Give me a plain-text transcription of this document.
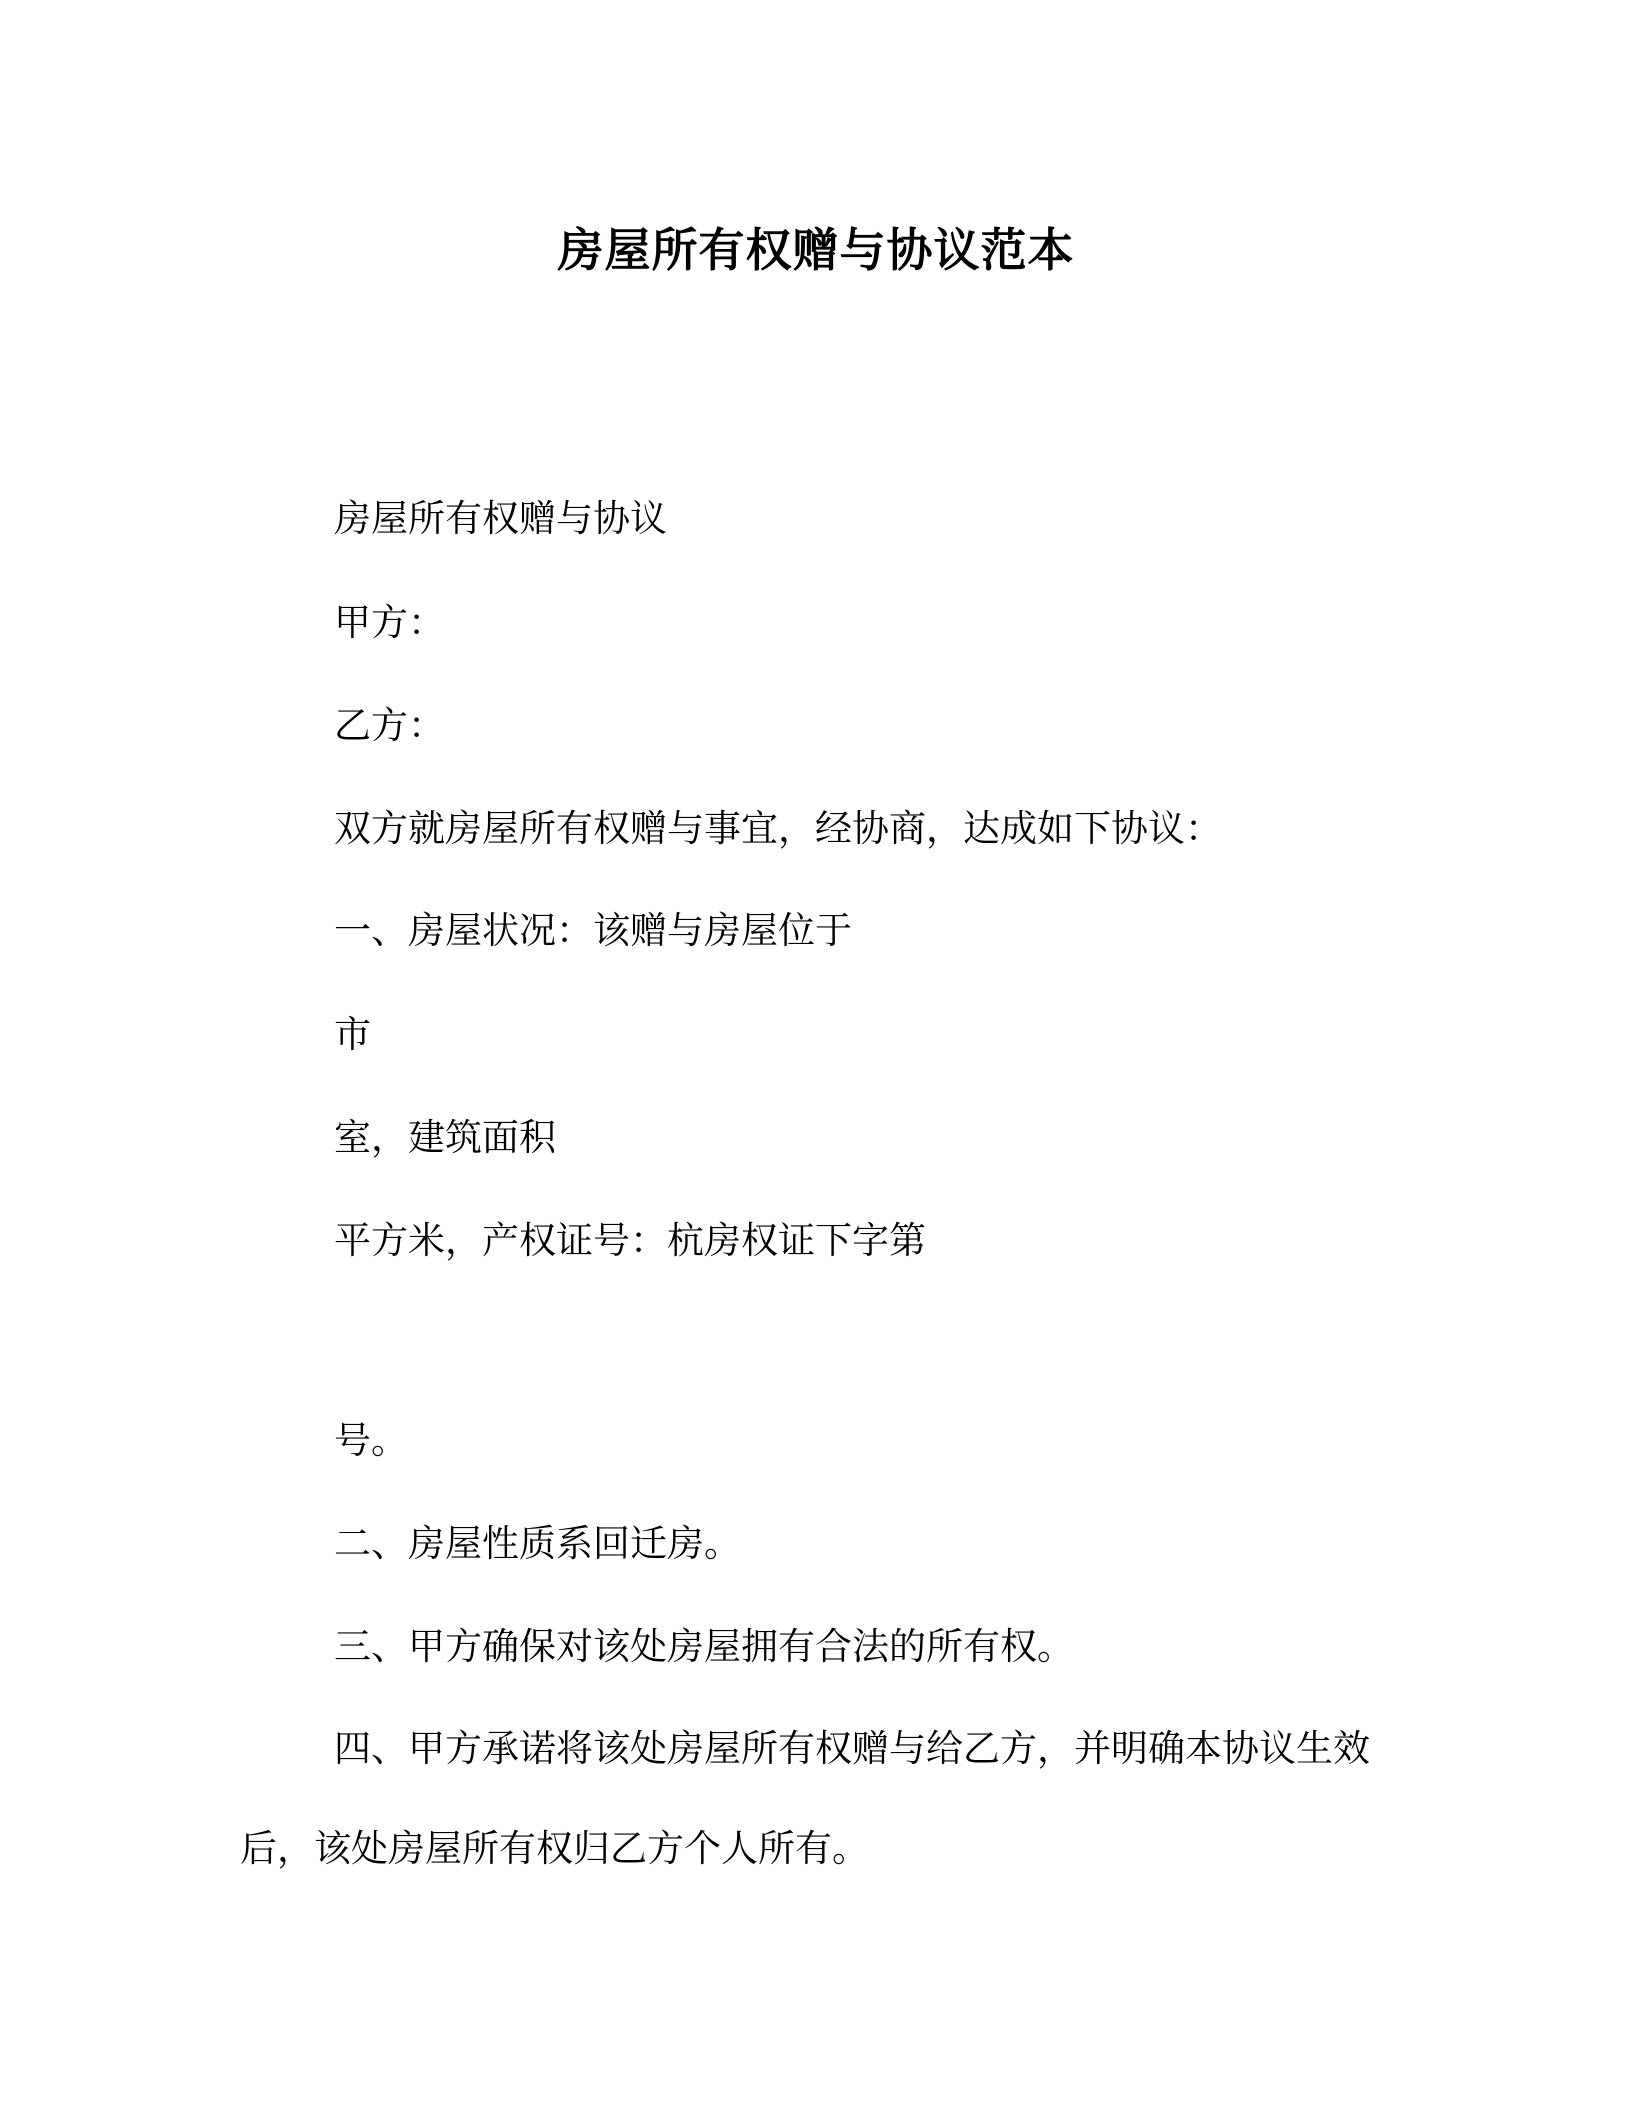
房屋所有权赠与协议范本
房屋所有权赠与协议
甲方：
乙方：
双方就房屋所有权赠与事宜，经协商，达成如下协议：
一、房屋状况：该赠与房屋位于
市
室，建筑面积
平方米，产权证号：杭房权证下字第
号。
二、房屋性质系回迁房。
三、甲方确保对该处房屋拥有合法的所有权。
四、甲方承诺将该处房屋所有权赠与给乙方，并明确本协议生效后，该处房屋所有权归乙方个人所有。
